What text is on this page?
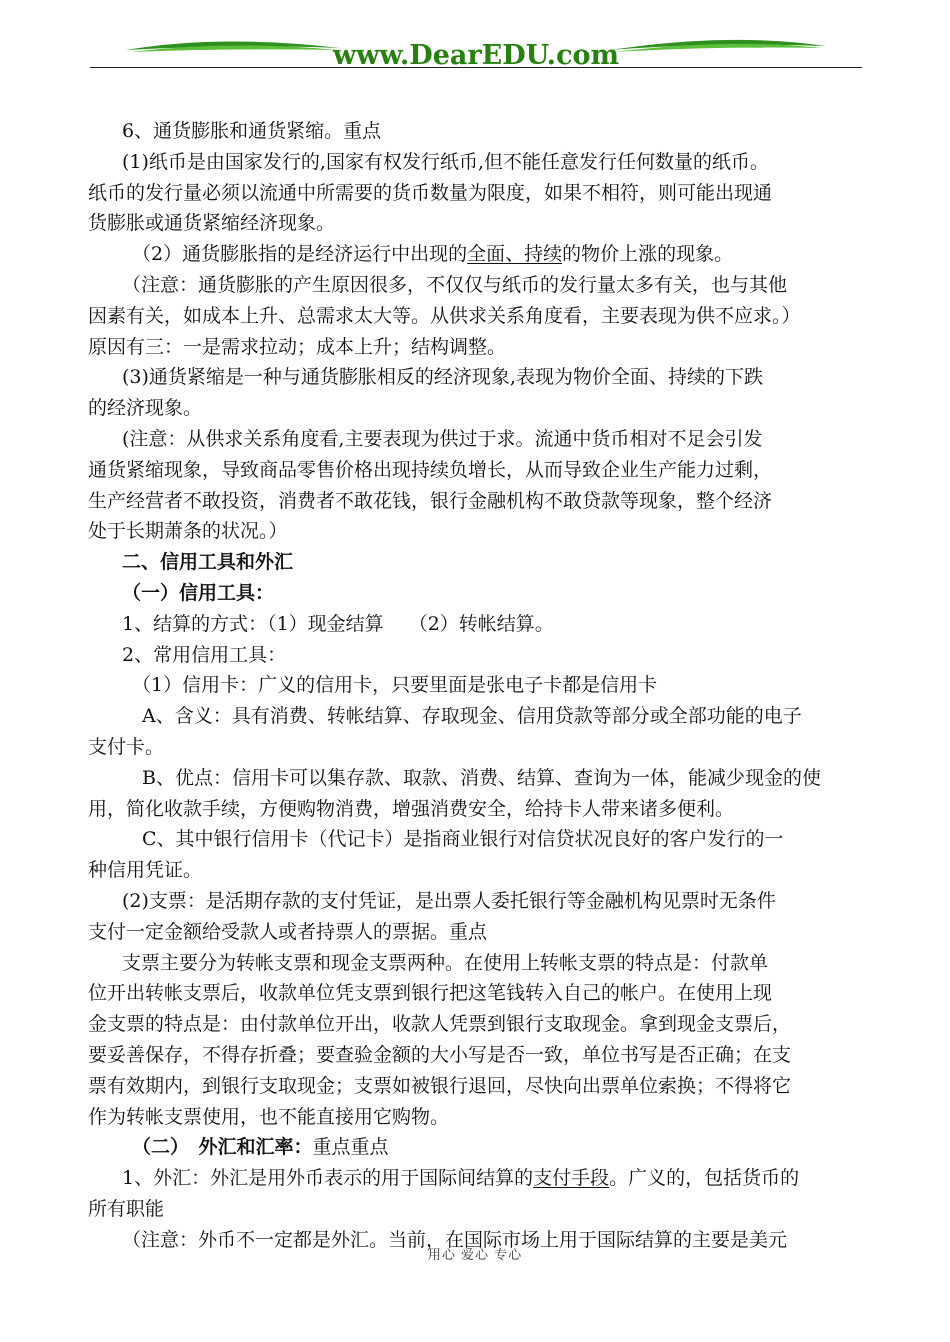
www.DearEDU.com
6、通货膨胀和通货紧缩。重点
(1)纸币是由国家发行的,国家有权发行纸币,但不能任意发行任何数量的纸币。
纸币的发行量必须以流通中所需要的货币数量为限度，如果不相符，则可能出现通
货膨胀或通货紧缩经济现象。
（2）通货膨胀指的是经济运行中出现的全面、持续的物价上涨的现象。
（注意：通货膨胀的产生原因很多，不仅仅与纸币的发行量太多有关，也与其他
因素有关，如成本上升、总需求太大等。从供求关系角度看，主要表现为供不应求。）
原因有三：一是需求拉动；成本上升；结构调整。
(3)通货紧缩是一种与通货膨胀相反的经济现象,表现为物价全面、持续的下跌
的经济现象。
(注意：从供求关系角度看,主要表现为供过于求。流通中货币相对不足会引发
通货紧缩现象，导致商品零售价格出现持续负增长，从而导致企业生产能力过剩，
生产经营者不敢投资，消费者不敢花钱，银行金融机构不敢贷款等现象，整个经济
处于长期萧条的状况。）
二、信用工具和外汇
（一）信用工具：
1、结算的方式：（1）现金结算　 （2）转帐结算。
2、常用信用工具：
（1）信用卡：广义的信用卡，只要里面是张电子卡都是信用卡
A、含义：具有消费、转帐结算、存取现金、信用贷款等部分或全部功能的电子
支付卡。
B、优点：信用卡可以集存款、取款、消费、结算、查询为一体，能减少现金的使
用，简化收款手续，方便购物消费，增强消费安全，给持卡人带来诸多便利。
C、其中银行信用卡（代记卡）是指商业银行对信贷状况良好的客户发行的一
种信用凭证。
(2)支票：是活期存款的支付凭证，是出票人委托银行等金融机构见票时无条件
支付一定金额给受款人或者持票人的票据。重点
支票主要分为转帐支票和现金支票两种。在使用上转帐支票的特点是：付款单
位开出转帐支票后，收款单位凭支票到银行把这笔钱转入自己的帐户。在使用上现
金支票的特点是：由付款单位开出，收款人凭票到银行支取现金。拿到现金支票后，
要妥善保存，不得存折叠；要查验金额的大小写是否一致，单位书写是否正确；在支
票有效期内，到银行支取现金；支票如被银行退回，尽快向出票单位索换；不得将它
作为转帐支票使用，也不能直接用它购物。
（二）　外汇和汇率：重点重点
1、外汇：外汇是用外币表示的用于国际间结算的支付手段。广义的，包括货币的
所有职能
（注意：外币不一定都是外汇。当前，在国际市场上用于国际结算的主要是美元
用心 爱心 专心
